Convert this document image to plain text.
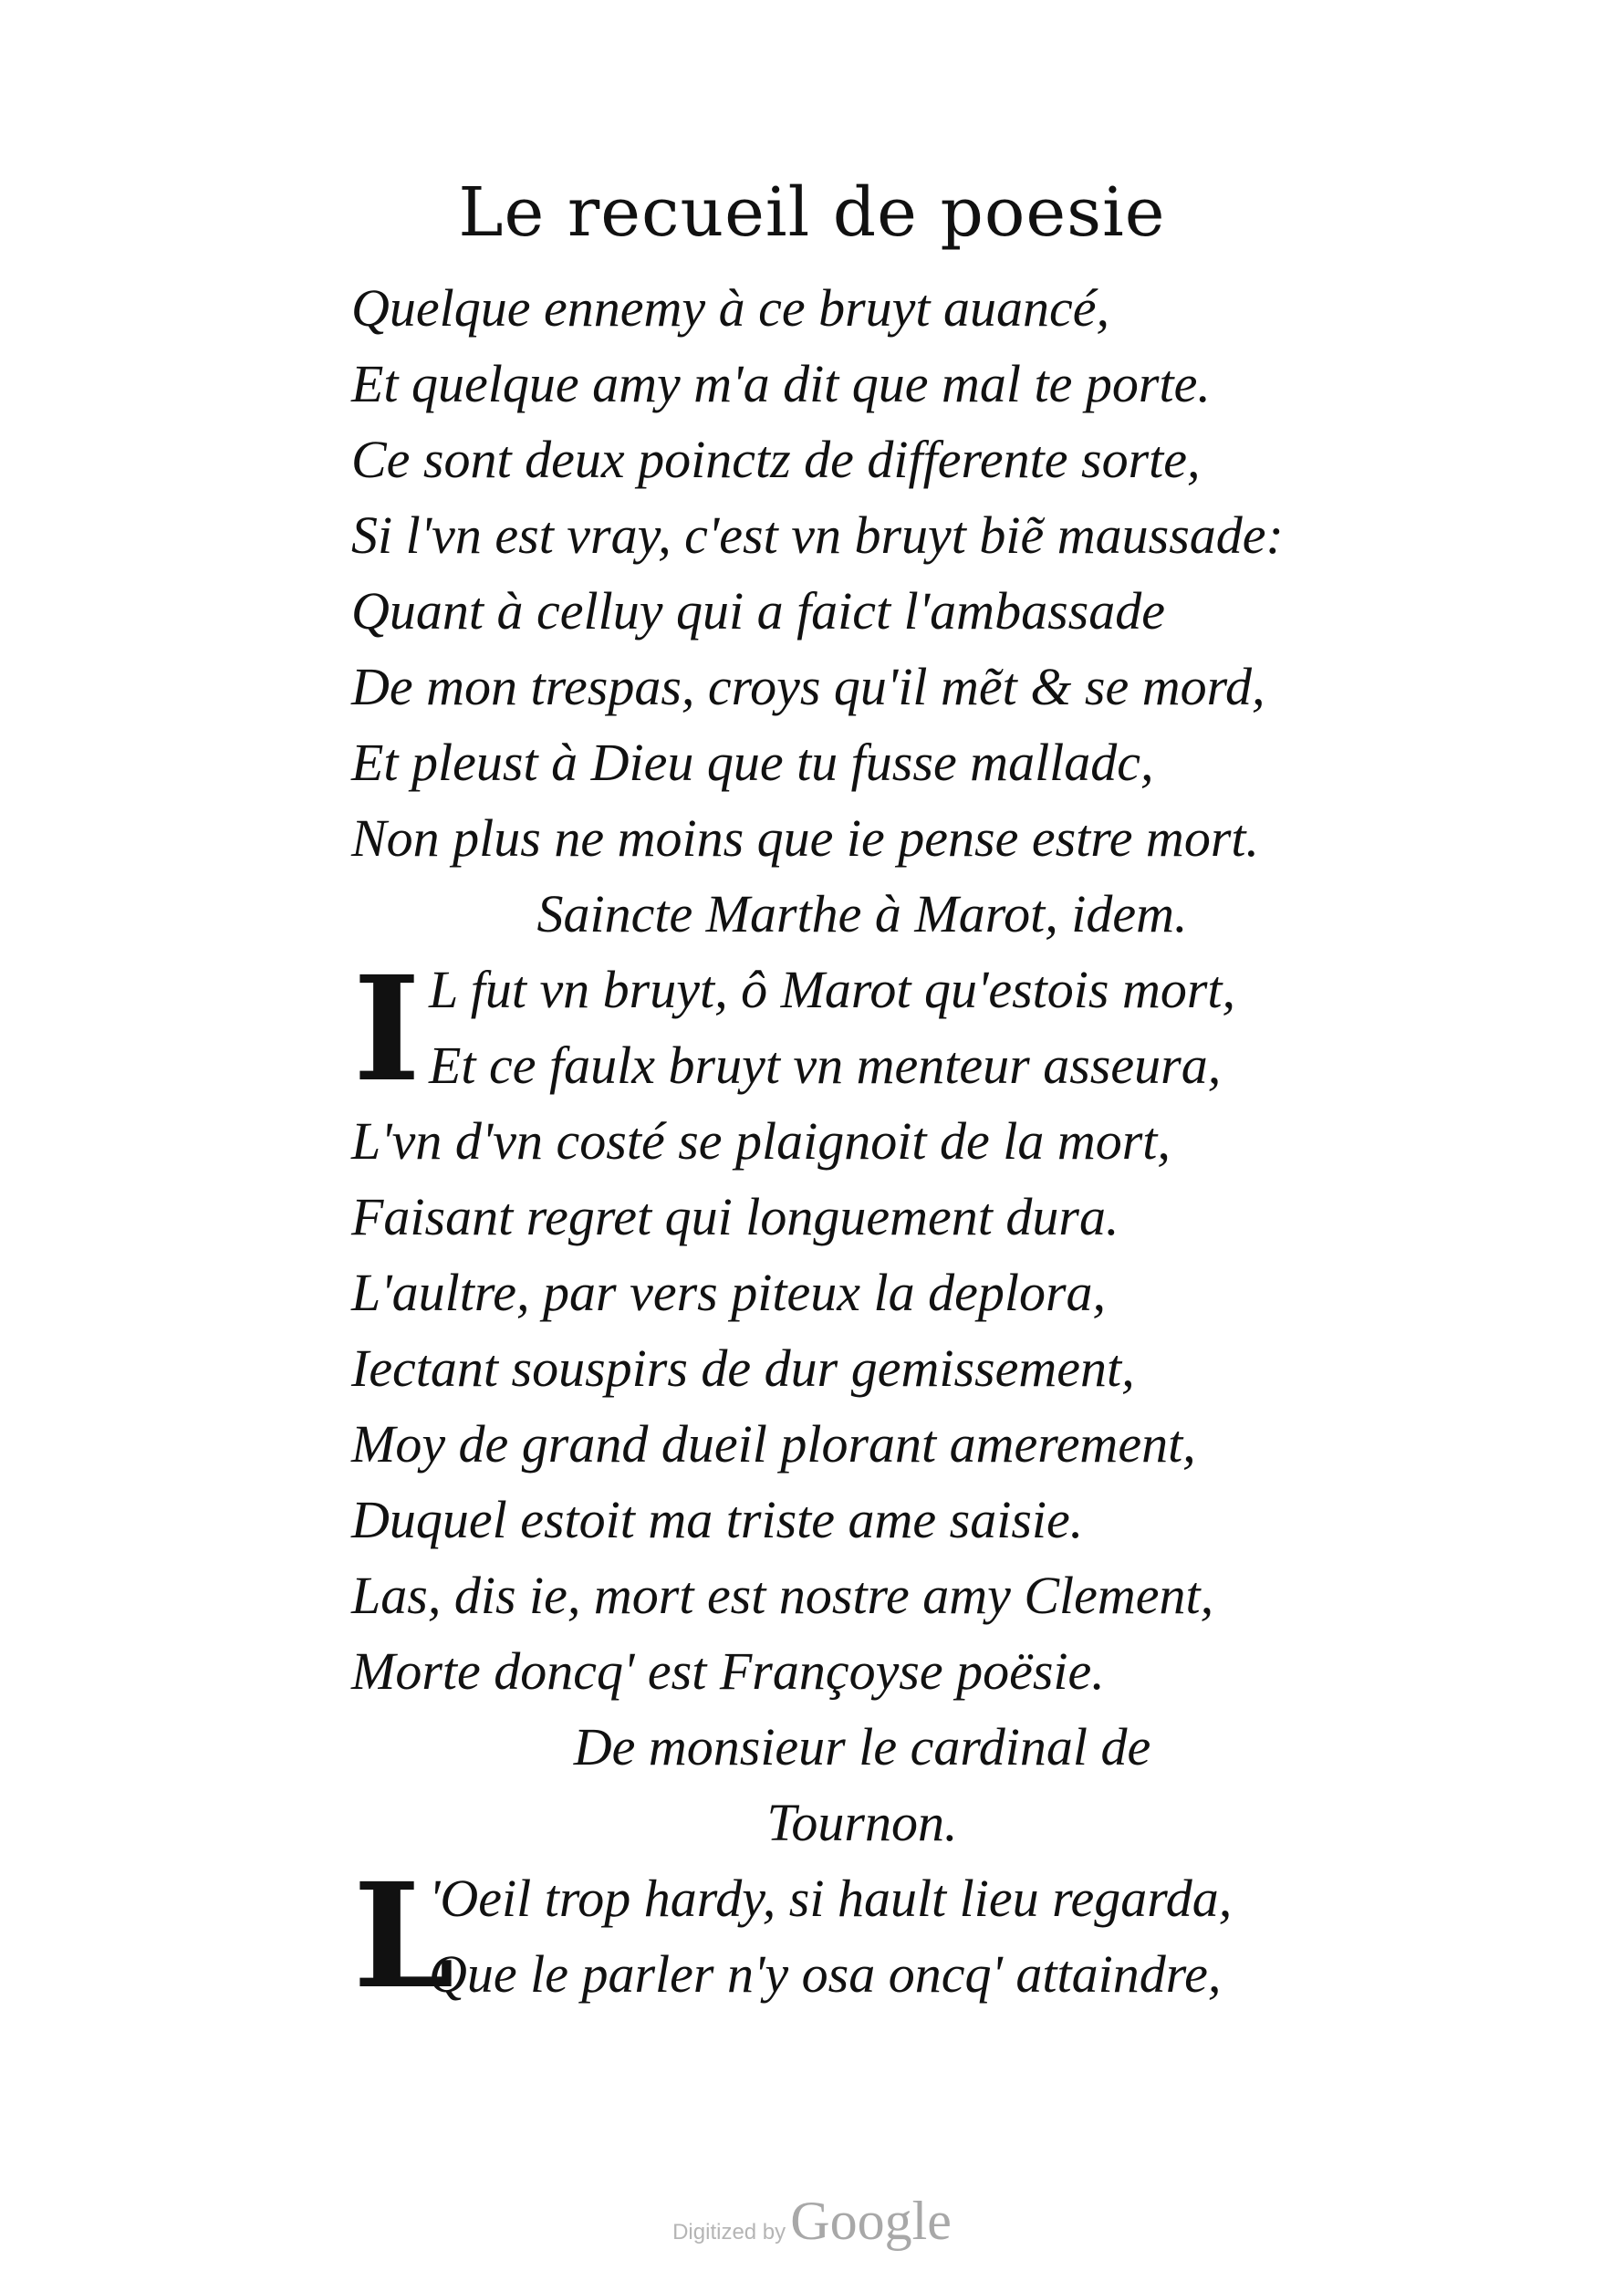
Le recueil de poesie
Quelque ennemy à ce bruyt auancé,
Et quelque amy m'a dit que mal te porte.
Ce sont deux poinctz de differente sorte,
Si l'vn est vray, c'est vn bruyt biẽ maussade:
Quant à celluy qui a faict l'ambassade
De mon trespas, croys qu'il mẽt & se mord,
Et pleust à Dieu que tu fusse malladc,
Non plus ne moins que ie pense estre mort.
Saincte Marthe à Marot, idem.
I L fut vn bruyt, ô Marot qu'estois mort,
Et ce faulx bruyt vn menteur asseura,
L'vn d'vn costé se plaignoit de la mort,
Faisant regret qui longuement dura.
L'aultre, par vers piteux la deplora,
Iectant souspirs de dur gemissement,
Moy de grand dueil plorant amerement,
Duquel estoit ma triste ame saisie.
Las, dis ie, mort est nostre amy Clement,
Morte doncq' est Françoyse poësie.
De monsieur le cardinal de
Tournon.
L
'Oeil trop hardy, si hault lieu regarda,
Que le parler n'y osa oncq' attaindre,
Digitized by Google
